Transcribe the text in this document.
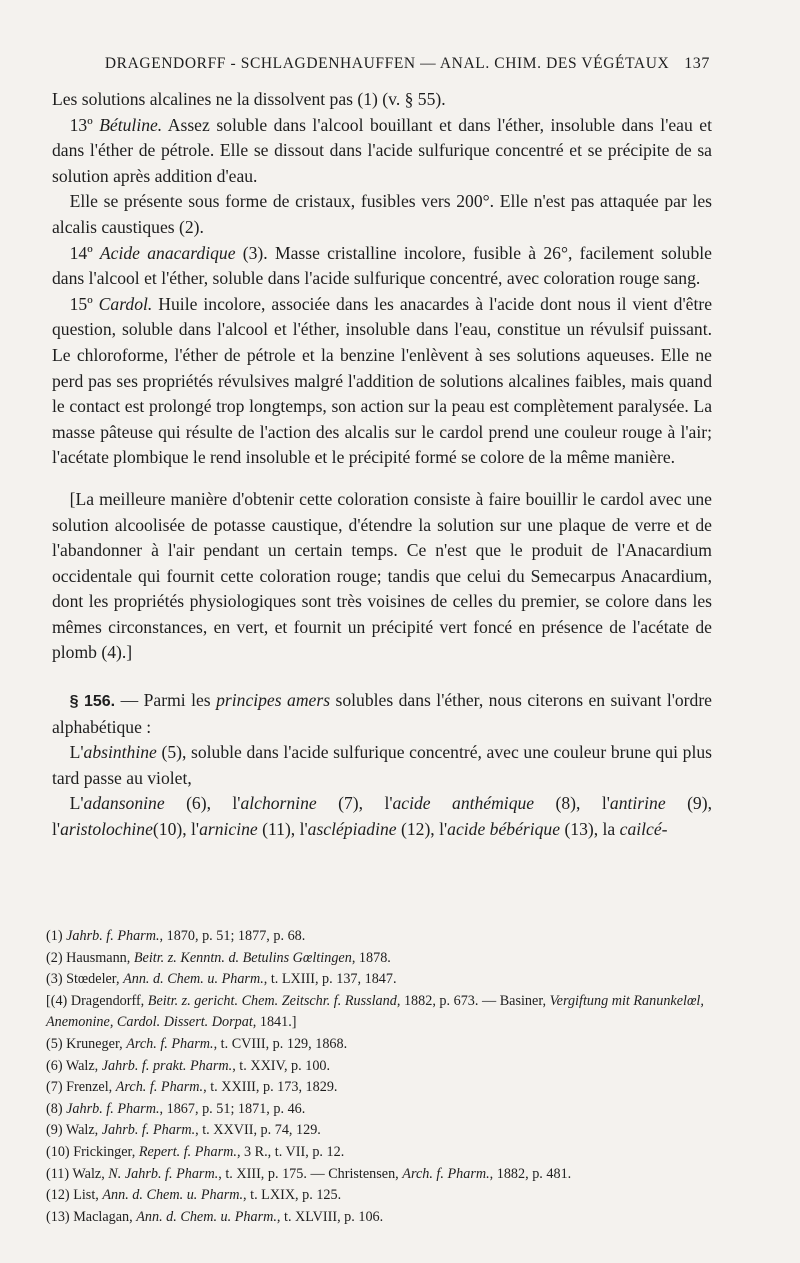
DRAGENDORFF - SCHLAGDENHAUFFEN — ANAL. CHIM. DES VÉGÉTAUX 137

Les solutions alcalines ne la dissolvent pas (1) (v. § 55).

 13º Bétuline. Assez soluble dans l'alcool bouillant et dans l'éther, insoluble dans l'eau et dans l'éther de pétrole. Elle se dissout dans l'acide sulfurique concentré et se précipite de sa solution après addition d'eau.

 Elle se présente sous forme de cristaux, fusibles vers 200°. Elle n'est pas attaquée par les alcalis caustiques (2).

 14º Acide anacardique (3). Masse cristalline incolore, fusible à 26°, facilement soluble dans l'alcool et l'éther, soluble dans l'acide sulfurique concentré, avec coloration rouge sang.

 15º Cardol. Huile incolore, associée dans les anacardes à l'acide dont nous il vient d'être question, soluble dans l'alcool et l'éther, insoluble dans l'eau, constitue un révulsif puissant. Le chloroforme, l'éther de pétrole et la benzine l'enlèvent à ses solutions aqueuses. Elle ne perd pas ses propriétés révulsives malgré l'addition de solutions alcalines faibles, mais quand le contact est prolongé trop longtemps, son action sur la peau est complètement paralysée. La masse pâteuse qui résulte de l'action des alcalis sur le cardol prend une couleur rouge à l'air; l'acétate plombique le rend insoluble et le précipité formé se colore de la même manière.

 [La meilleure manière d'obtenir cette coloration consiste à faire bouillir le cardol avec une solution alcoolisée de potasse caustique, d'étendre la solution sur une plaque de verre et de l'abandonner à l'air pendant un certain temps. Ce n'est que le produit de l'Anacardium occidentale qui fournit cette coloration rouge; tandis que celui du Semecarpus Anacardium, dont les propriétés physiologiques sont très voisines de celles du premier, se colore dans les mêmes circonstances, en vert, et fournit un précipité vert foncé en présence de l'acétate de plomb (4).]

 § 156. — Parmi les principes amers solubles dans l'éther, nous citerons en suivant l'ordre alphabétique :

 L'absinthine (5), soluble dans l'acide sulfurique concentré, avec une couleur brune qui plus tard passe au violet,

 L'adansonine (6), l'alchornine (7), l'acide anthémique (8), l'antirine (9), l'aristolochine(10), l'arnicine (11), l'asclépiadine (12), l'acide bébérique (13), la cailcé-

(1) Jahrb. f. Pharm., 1870, p. 51; 1877, p. 68.

(2) Hausmann, Beitr. z. Kenntn. d. Betulins Gœltingen, 1878.

(3) Stœdeler, Ann. d. Chem. u. Pharm., t. LXIII, p. 137, 1847.

[(4) Dragendorff, Beitr. z. gericht. Chem. Zeitschr. f. Russland, 1882, p. 673. — Basiner, Vergiftung mit Ranunkelœl, Anemonine, Cardol. Dissert. Dorpat, 1841.]

(5) Kruneger, Arch. f. Pharm., t. CVIII, p. 129, 1868.

(6) Walz, Jahrb. f. prakt. Pharm., t. XXIV, p. 100.

(7) Frenzel, Arch. f. Pharm., t. XXIII, p. 173, 1829.

(8) Jahrb. f. Pharm., 1867, p. 51; 1871, p. 46.

(9) Walz, Jahrb. f. Pharm., t. XXVII, p. 74, 129.

(10) Frickinger, Repert. f. Pharm., 3 R., t. VII, p. 12.

(11) Walz, N. Jahrb. f. Pharm., t. XIII, p. 175. — Christensen, Arch. f. Pharm., 1882, p. 481.

(12) List, Ann. d. Chem. u. Pharm., t. LXIX, p. 125.

(13) Maclagan, Ann. d. Chem. u. Pharm., t. XLVIII, p. 106.
